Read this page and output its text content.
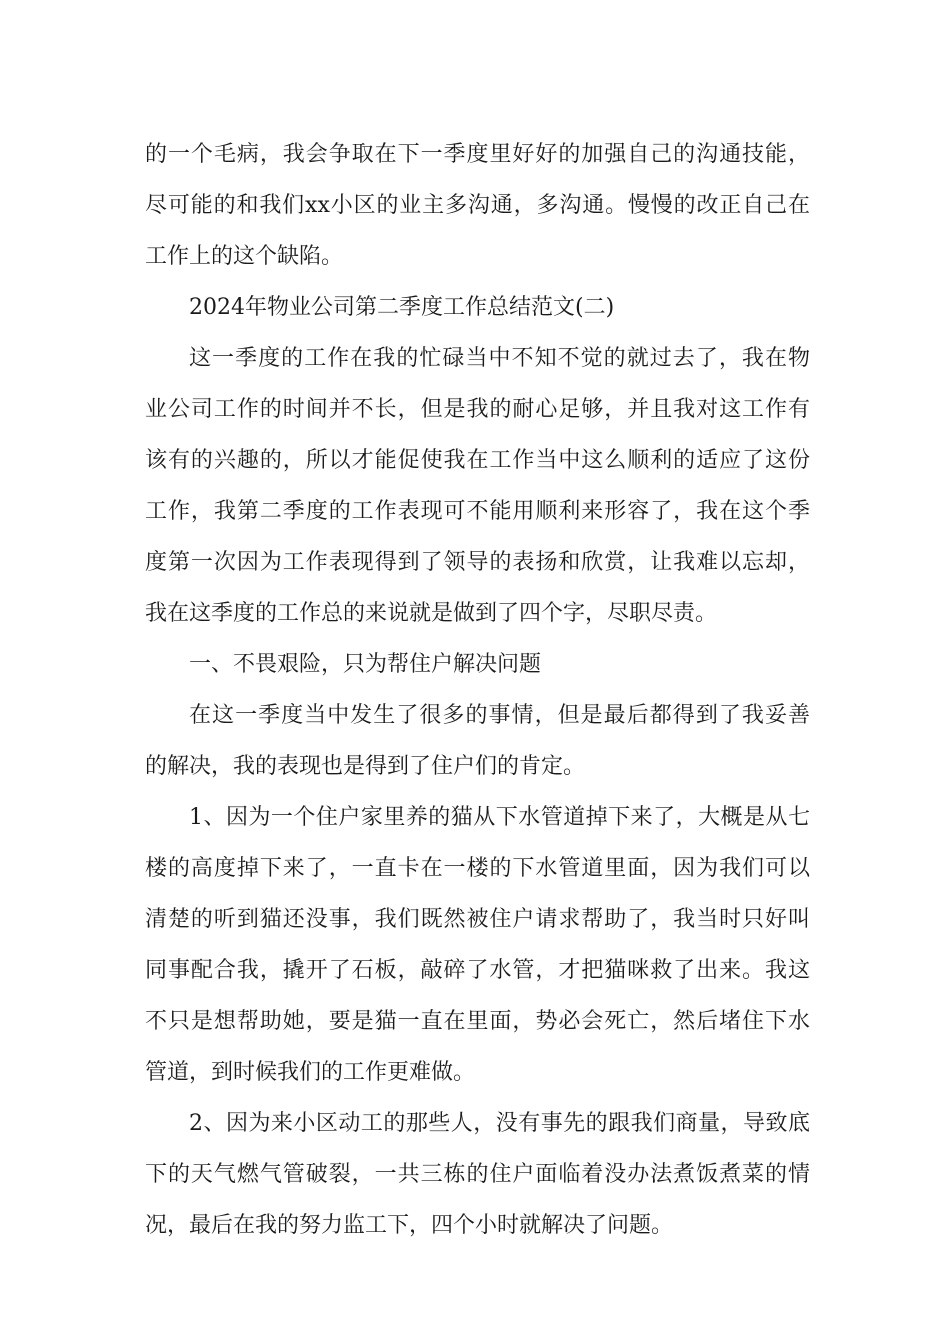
的一个毛病，我会争取在下一季度里好好的加强自己的沟通技能，
尽可能的和我们xx小区的业主多沟通，多沟通。慢慢的改正自己在
工作上的这个缺陷。
2024年物业公司第二季度工作总结范文(二)
这一季度的工作在我的忙碌当中不知不觉的就过去了，我在物
业公司工作的时间并不长，但是我的耐心足够，并且我对这工作有
该有的兴趣的，所以才能促使我在工作当中这么顺利的适应了这份
工作，我第二季度的工作表现可不能用顺利来形容了，我在这个季
度第一次因为工作表现得到了领导的表扬和欣赏，让我难以忘却，
我在这季度的工作总的来说就是做到了四个字，尽职尽责。
一、不畏艰险，只为帮住户解决问题
在这一季度当中发生了很多的事情，但是最后都得到了我妥善
的解决，我的表现也是得到了住户们的肯定。
1、因为一个住户家里养的猫从下水管道掉下来了，大概是从七
楼的高度掉下来了，一直卡在一楼的下水管道里面，因为我们可以
清楚的听到猫还没事，我们既然被住户请求帮助了，我当时只好叫
同事配合我，撬开了石板，敲碎了水管，才把猫咪救了出来。我这
不只是想帮助她，要是猫一直在里面，势必会死亡，然后堵住下水
管道，到时候我们的工作更难做。
2、因为来小区动工的那些人，没有事先的跟我们商量，导致底
下的天气燃气管破裂，一共三栋的住户面临着没办法煮饭煮菜的情
况，最后在我的努力监工下，四个小时就解决了问题。
